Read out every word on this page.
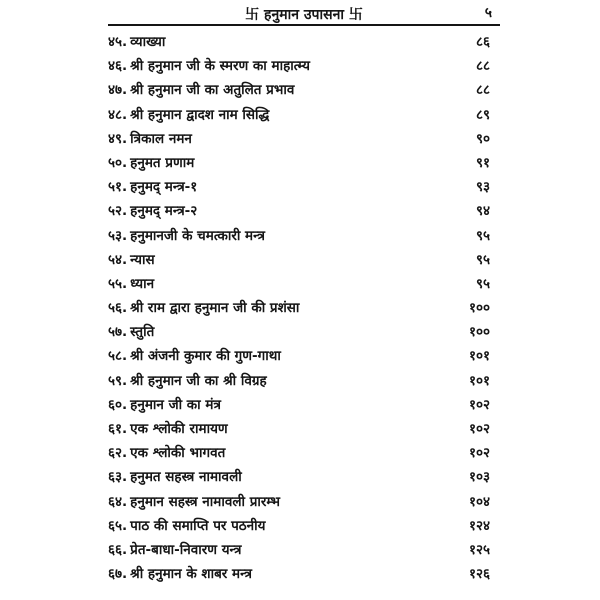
卐 हनुमान उपासना 卐	५
४५. व्याख्या	८६
४६. श्री हनुमान जी के स्मरण का माहात्म्य	८८
४७. श्री हनुमान जी का अतुलित प्रभाव	८८
४८. श्री हनुमान द्वादश नाम सिद्धि	८९
४९. त्रिकाल नमन	९०
५०. हनुमत प्रणाम	९१
५१. हनुमद् मन्त्र-१	९३
५२. हनुमद् मन्त्र-२	९४
५३. हनुमानजी के चमत्कारी मन्त्र	९५
५४. न्यास	९५
५५. ध्यान	९५
५६. श्री राम द्वारा हनुमान जी की प्रशंसा	१००
५७. स्तुति	१००
५८. श्री अंजनी कुमार की गुण-गाथा	१०१
५९. श्री हनुमान जी का श्री विग्रह	१०१
६०. हनुमान जी का मंत्र	१०२
६१. एक श्लोकी रामायण	१०२
६२. एक श्लोकी भागवत	१०२
६३. हनुमत सहस्त्र नामावली	१०३
६४. हनुमान सहस्त्र नामावली प्रारम्भ	१०४
६५. पाठ की समाप्ति पर पठनीय	१२४
६६. प्रेत-बाधा-निवारण यन्त्र	१२५
६७. श्री हनुमान के शाबर मन्त्र	१२६
